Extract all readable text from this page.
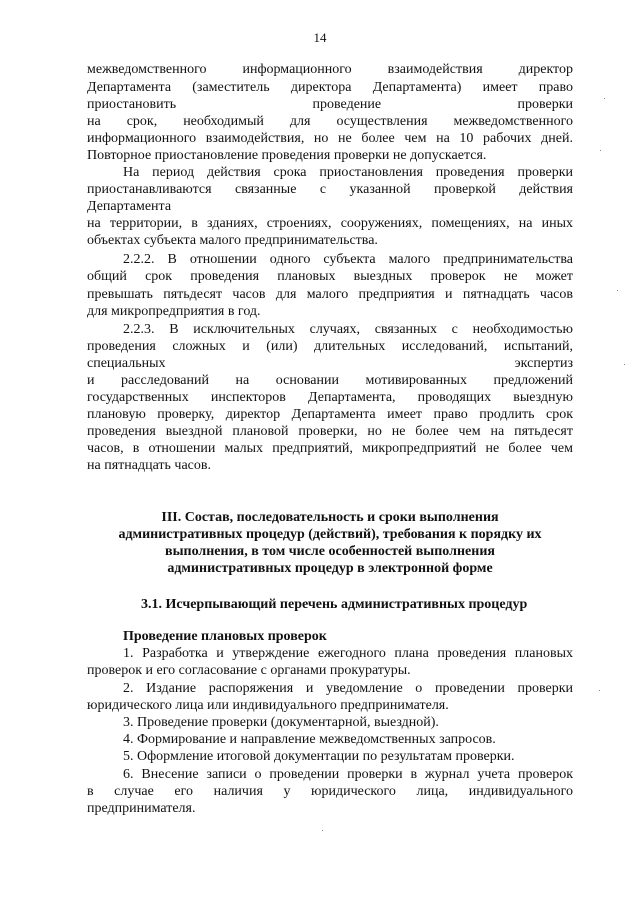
14
межведомственного информационного взаимодействия директор
Департамента (заместитель директора Департамента) имеет право
приостановить проведение проверки
на срок, необходимый для осуществления межведомственного
информационного взаимодействия, но не более чем на 10 рабочих дней.
Повторное приостановление проведения проверки не допускается.
На период действия срока приостановления проведения проверки
приостанавливаются связанные с указанной проверкой действия
Департамента
на территории, в зданиях, строениях, сооружениях, помещениях, на иных
объектах субъекта малого предпринимательства.
2.2.2. В отношении одного субъекта малого предпринимательства
общий срок проведения плановых выездных проверок не может
превышать пятьдесят часов для малого предприятия и пятнадцать часов
для микропредприятия в год.
2.2.3. В исключительных случаях, связанных с необходимостью
проведения сложных и (или) длительных исследований, испытаний,
специальных экспертиз
и расследований на основании мотивированных предложений
государственных инспекторов Департамента, проводящих выездную
плановую проверку, директор Департамента имеет право продлить срок
проведения выездной плановой проверки, но не более чем на пятьдесят
часов, в отношении малых предприятий, микропредприятий не более чем
на пятнадцать часов.
III. Состав, последовательность и сроки выполнения
административных процедур (действий), требования к порядку их
выполнения, в том числе особенностей выполнения
административных процедур в электронной форме
3.1. Исчерпывающий перечень административных процедур
Проведение плановых проверок
1. Разработка и утверждение ежегодного плана проведения плановых
проверок и его согласование с органами прокуратуры.
2. Издание распоряжения и уведомление о проведении проверки
юридического лица или индивидуального предпринимателя.
3. Проведение проверки (документарной, выездной).
4. Формирование и направление межведомственных запросов.
5. Оформление итоговой документации по результатам проверки.
6. Внесение записи о проведении проверки в журнал учета проверок
в случае его наличия у юридического лица, индивидуального
предпринимателя.
